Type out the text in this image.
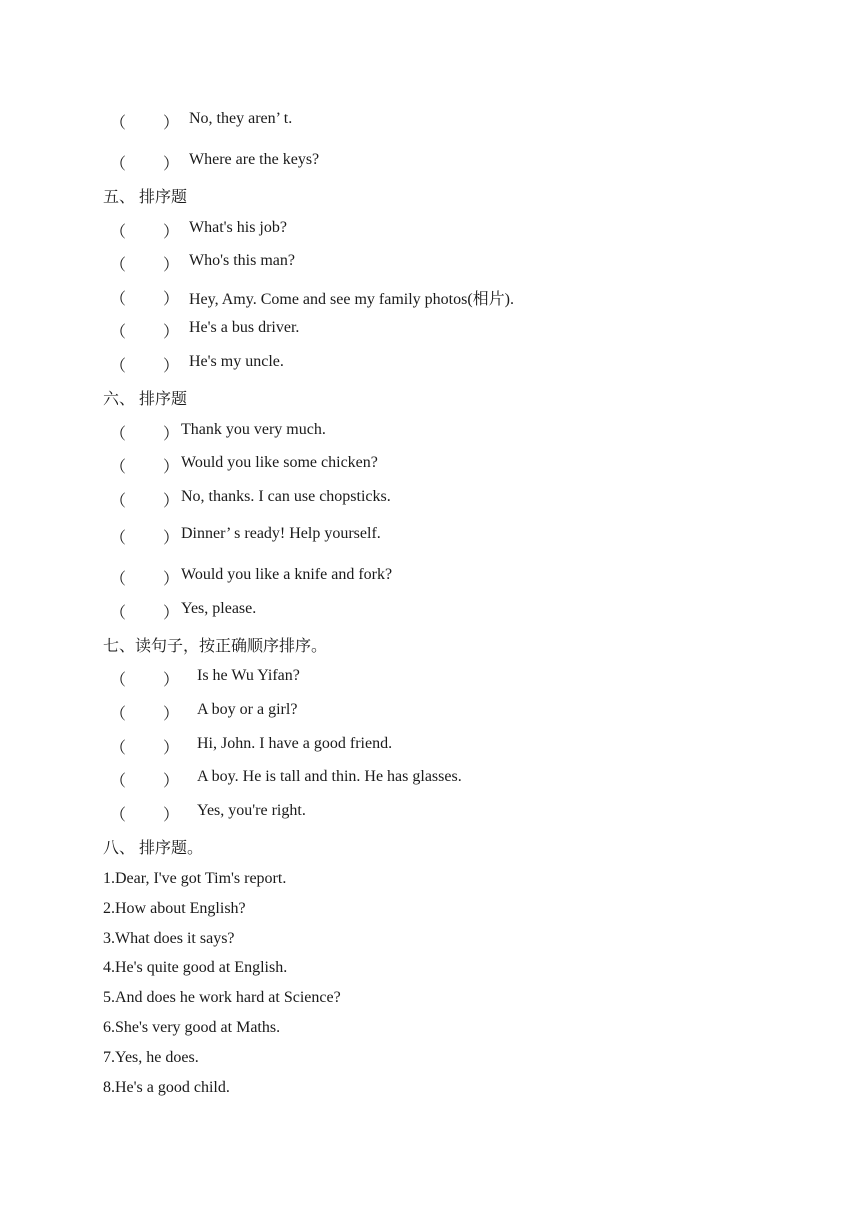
（ ） No, they aren’ t.
（ ） Where are the keys?
五、 排序题
（ ） What's his job?
（ ） Who's this man?
（ ） Hey, Amy. Come and see my family photos(相片).
（ ） He's a bus driver.
（ ） He's my uncle.
六、 排序题
（ ） Thank you very much.
（ ） Would you like some chicken?
（ ） No, thanks. I can use chopsticks.
（ ） Dinner’ s ready! Help yourself.
（ ） Would you like a knife and fork?
（ ） Yes, please.
七、读句子，按正确顺序排序。
（ ） Is he Wu Yifan?
（ ） A boy or a girl?
（ ） Hi, John. I have a good friend.
（ ） A boy. He is tall and thin. He has glasses.
（ ） Yes, you're right.
八、 排序题。
1.Dear, I've got Tim's report.
2.How about English?
3.What does it says?
4.He's quite good at English.
5.And does he work hard at Science?
6.She's very good at Maths.
7.Yes, he does.
8.He's a good child.
